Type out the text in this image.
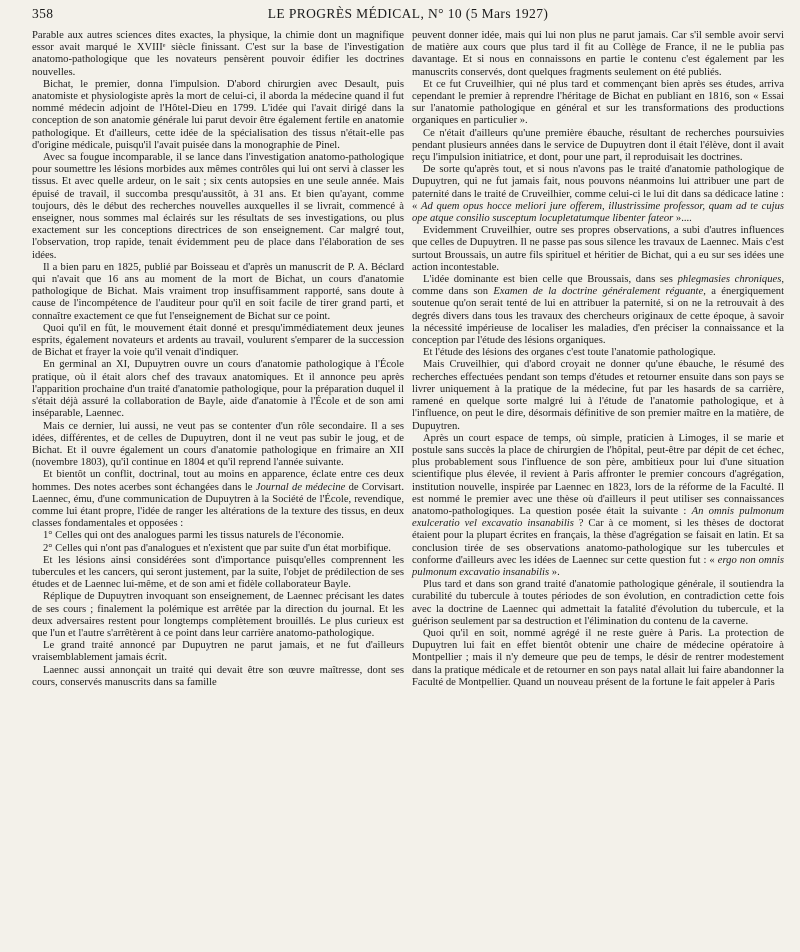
358	LE PROGRÈS MÉDICAL, N° 10 (5 Mars 1927)

Parable aux autres sciences dites exactes, la physique, la chimie dont un magnifique essor avait marqué le XVIIIᵉ siècle finissant. C'est sur la base de l'investigation anatomo-pathologique que les novateurs pensèrent pouvoir édifier les doctrines nouvelles.

Bichat, le premier, donna l'impulsion. D'abord chirurgien avec Desault, puis anatomiste et physiologiste après la mort de celui-ci, il aborda la médecine quand il fut nommé médecin adjoint de l'Hôtel-Dieu en 1799. L'idée qui l'avait dirigé dans la conception de son anatomie générale lui parut devoir être également fertile en anatomie pathologique. Et d'ailleurs, cette idée de la spécialisation des tissus n'était-elle pas d'origine médicale, puisqu'il l'avait puisée dans la monographie de Pinel.

Avec sa fougue incomparable, il se lance dans l'investigation anatomo-pathologique pour soumettre les lésions morbides aux mêmes contrôles qui lui ont servi à classer les tissus. Et avec quelle ardeur, on le sait ; six cents autopsies en une seule année. Mais épuisé de travail, il succomba presqu'aussitôt, à 31 ans. Et bien qu'ayant, comme toujours, dès le début des recherches nouvelles auxquelles il se livrait, commencé à enseigner, nous sommes mal éclairés sur les résultats de ses investigations, ou plus exactement sur les conceptions directrices de son enseignement. Car malgré tout, l'observation, trop rapide, tenait évidemment peu de place dans l'élaboration de ses idées.

Il a bien paru en 1825, publié par Boisseau et d'après un manuscrit de P. A. Béclard qui n'avait que 16 ans au moment de la mort de Bichat, un cours d'anatomie pathologique de Bichat. Mais vraiment trop insuffisamment rapporté, sans doute à cause de l'incompétence de l'auditeur pour qu'il en soit facile de tirer grand parti, et connaître exactement ce que fut l'enseignement de Bichat sur ce point.

Quoi qu'il en fût, le mouvement était donné et presqu'immédiatement deux jeunes esprits, également novateurs et ardents au travail, voulurent s'emparer de la succession de Bichat et frayer la voie qu'il venait d'indiquer.

En germinal an XI, Dupuytren ouvre un cours d'anatomie pathologique à l'École pratique, où il était alors chef des travaux anatomiques. Et il annonce peu après l'apparition prochaine d'un traité d'anatomie pathologique, pour la préparation duquel il s'était déjà assuré la collaboration de Bayle, aide d'anatomie à l'École et de son ami inséparable, Laennec.

Mais ce dernier, lui aussi, ne veut pas se contenter d'un rôle secondaire. Il a ses idées, différentes, et de celles de Dupuytren, dont il ne veut pas subir le joug, et de Bichat. Et il ouvre également un cours d'anatomie pathologique en frimaire an XII (novembre 1803), qu'il continue en 1804 et qu'il reprend l'année suivante.

Et bientôt un conflit, doctrinal, tout au moins en apparence, éclate entre ces deux hommes. Des notes acerbes sont échangées dans le Journal de médecine de Corvisart. Laennec, ému, d'une communication de Dupuytren à la Société de l'École, revendique, comme lui étant propre, l'idée de ranger les altérations de la texture des tissus, en deux classes fondamentales et opposées :

1° Celles qui ont des analogues parmi les tissus naturels de l'économie.

2° Celles qui n'ont pas d'analogues et n'existent que par suite d'un état morbifique.

Et les lésions ainsi considérées sont d'importance puisqu'elles comprennent les tubercules et les cancers, qui seront justement, par la suite, l'objet de prédilection de ses études et de Laennec lui-même, et de son ami et fidèle collaborateur Bayle.

Réplique de Dupuytren invoquant son enseignement, de Laennec précisant les dates de ses cours ; finalement la polémique est arrêtée par la direction du journal. Et les deux adversaires restent pour longtemps complètement brouillés. Le plus curieux est que l'un et l'autre s'arrêtèrent à ce point dans leur carrière anatomo-pathologique.

Le grand traité annoncé par Dupuytren ne parut jamais, et ne fut d'ailleurs vraisemblablement jamais écrit.

Laennec aussi annonçait un traité qui devait être son œuvre maîtresse, dont ses cours, conservés manuscrits dans sa famille

peuvent donner idée, mais qui lui non plus ne parut jamais. Car s'il semble avoir servi de matière aux cours que plus tard il fit au Collège de France, il ne le publia pas davantage. Et si nous en connaissons en partie le contenu c'est également par les manuscrits conservés, dont quelques fragments seulement on été publiés.

Et ce fut Cruveilhier, qui né plus tard et commençant bien après ses études, arriva cependant le premier à reprendre l'héritage de Bichat en publiant en 1816, son « Essai sur l'anatomie pathologique en général et sur les transformations des productions organiques en particulier ».

Ce n'était d'ailleurs qu'une première ébauche, résultant de recherches poursuivies pendant plusieurs années dans le service de Dupuytren dont il était l'élève, dont il avait reçu l'impulsion initiatrice, et dont, pour une part, il reproduisait les doctrines.

De sorte qu'après tout, et si nous n'avons pas le traité d'anatomie pathologique de Dupuytren, qui ne fut jamais fait, nous pouvons néanmoins lui attribuer une part de paternité dans le traité de Cruveilhier, comme celui-ci le lui dit dans sa dédicace latine : « Ad quem opus hocce meliori jure offerem, illustrissime professor, quam ad te cujus ope atque consilio susceptum locupletatumque libenter fateor »....

Evidemment Cruveilhier, outre ses propres observations, a subi d'autres influences que celles de Dupuytren. Il ne passe pas sous silence les travaux de Laennec. Mais c'est surtout Broussais, un autre fils spirituel et héritier de Bichat, qui a eu sur ses idées une action incontestable.

L'idée dominante est bien celle que Broussais, dans ses phlegmasies chroniques, comme dans son Examen de la doctrine généralement réguante, a énergiquement soutenue qu'on serait tenté de lui en attribuer la paternité, si on ne la retrouvait à des degrés divers dans tous les travaux des chercheurs originaux de cette époque, à savoir la nécessité impérieuse de localiser les maladies, d'en préciser la connaissance et la conception par l'étude des lésions organiques.

Et l'étude des lésions des organes c'est toute l'anatomie pathologique.

Mais Cruveilhier, qui d'abord croyait ne donner qu'une ébauche, le résumé des recherches effectuées pendant son temps d'études et retourner ensuite dans son pays se livrer uniquement à la pratique de la médecine, fut par les hasards de sa carrière, ramené en quelque sorte malgré lui à l'étude de l'anatomie pathologique, et à l'influence, on peut le dire, désormais définitive de son premier maître en la matière, de Dupuytren.

Après un court espace de temps, où simple, praticien à Limoges, il se marie et postule sans succès la place de chirurgien de l'hôpital, peut-être par dépit de cet échec, plus probablement sous l'influence de son père, ambitieux pour lui d'une situation scientifique plus élevée, il revient à Paris affronter le premier concours d'agrégation, institution nouvelle, inspirée par Laennec en 1823, lors de la réforme de la Faculté. Il est nommé le premier avec une thèse où d'ailleurs il peut utiliser ses connaissances anatomo-pathologiques. La question posée était la suivante : An omnis pulmonum exulceratio vel excavatio insanabilis ? Car à ce moment, si les thèses de doctorat étaient pour la plupart écrites en français, la thèse d'agrégation se faisait en latin. Et sa conclusion tirée de ses observations anatomo-pathologique sur les tubercules et conforme d'ailleurs avec les idées de Laennec sur cette question fut : « ergo non omnis pulmonum excavatio insanabilis ».

Plus tard et dans son grand traité d'anatomie pathologique générale, il soutiendra la curabilité du tubercule à toutes périodes de son évolution, en contradiction cette fois avec la doctrine de Laennec qui admettait la fatalité d'évolution du tubercule, et la guérison seulement par sa destruction et l'élimination du contenu de la caverne.

Quoi qu'il en soit, nommé agrégé il ne reste guère à Paris. La protection de Dupuytren lui fait en effet bientôt obtenir une chaire de médecine opératoire à Montpellier ; mais il n'y demeure que peu de temps, le désir de rentrer modestement dans la pratique médicale et de retourner en son pays natal allait lui faire abandonner la Faculté de Montpellier. Quand un nouveau présent de la fortune le fait appeler à Paris
